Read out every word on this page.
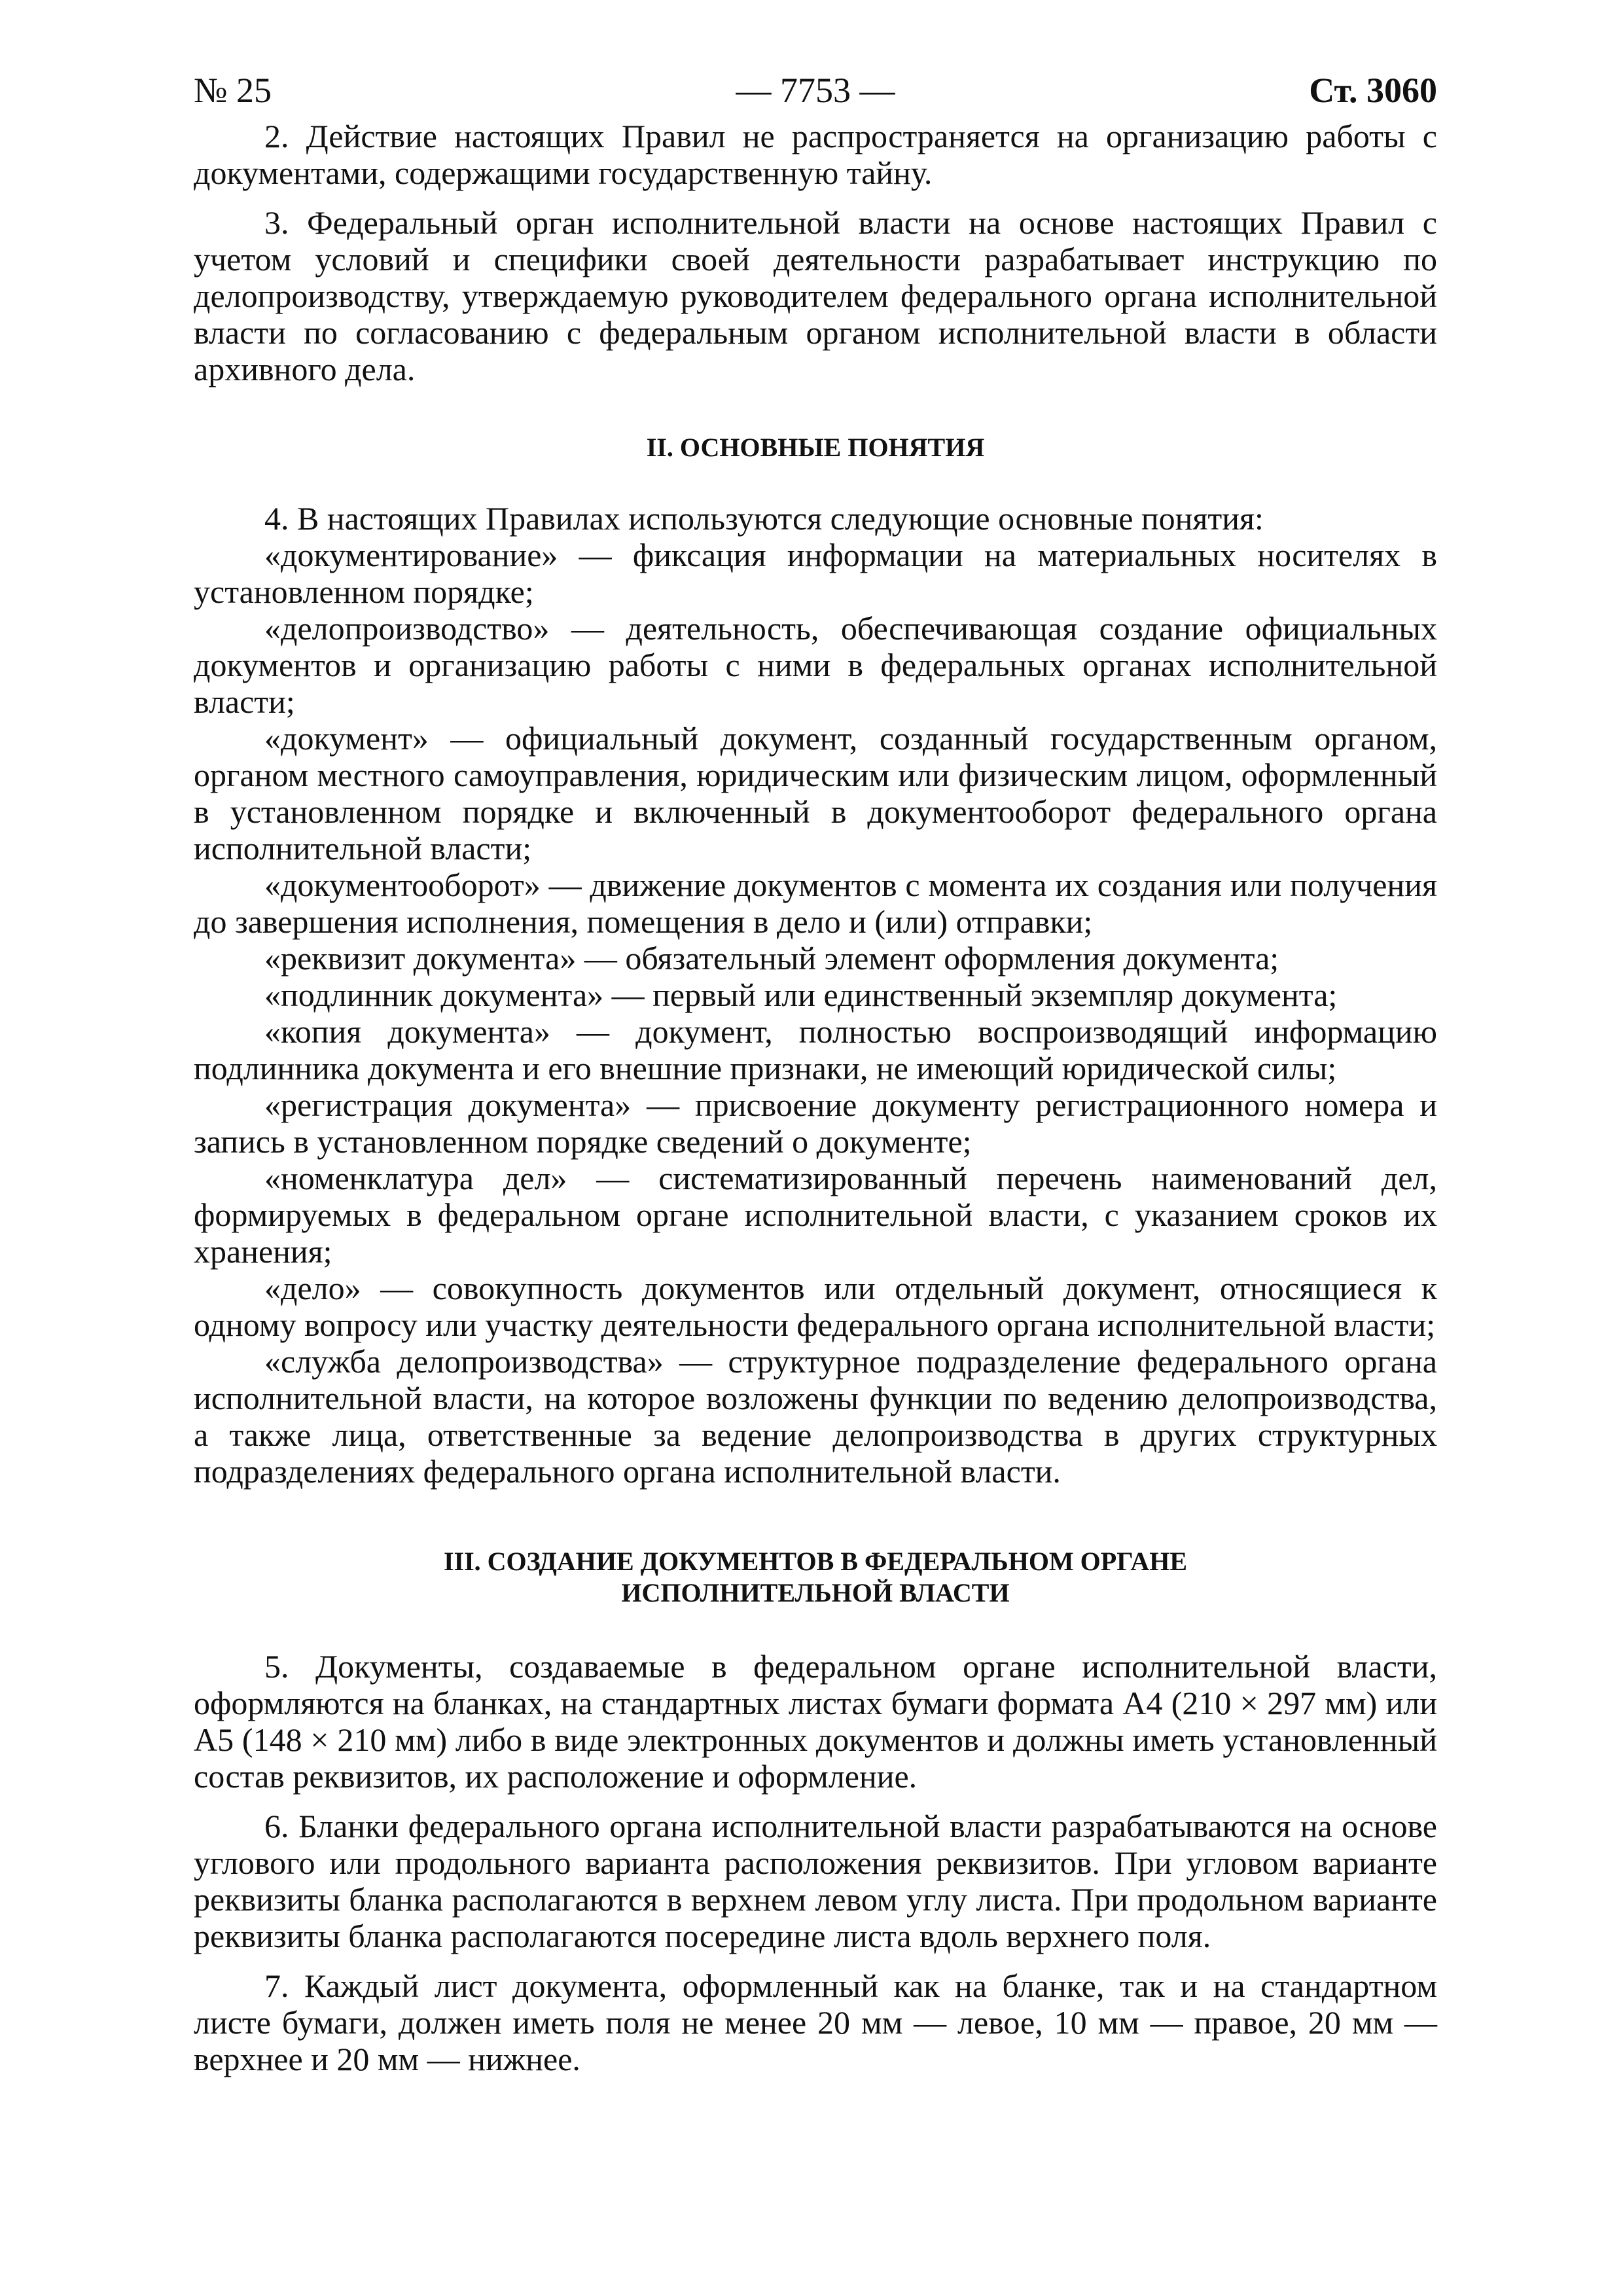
№ 25	— 7753 —	Ст. 3060

2. Действие настоящих Правил не распространяется на организацию работы с документами, содержащими государственную тайну.

3. Федеральный орган исполнительной власти на основе настоящих Правил с учетом условий и специфики своей деятельности разрабатывает инструкцию по делопроизводству, утверждаемую руководителем федерального органа исполнительной власти по согласованию с федеральным органом исполнительной власти в области архивного дела.

II. ОСНОВНЫЕ ПОНЯТИЯ

4. В настоящих Правилах используются следующие основные понятия:

«документирование» — фиксация информации на материальных носителях в установленном порядке;

«делопроизводство» — деятельность, обеспечивающая создание официальных документов и организацию работы с ними в федеральных органах исполнительной власти;

«документ» — официальный документ, созданный государственным органом, органом местного самоуправления, юридическим или физическим лицом, оформленный в установленном порядке и включенный в документооборот федерального органа исполнительной власти;

«документооборот» — движение документов с момента их создания или получения до завершения исполнения, помещения в дело и (или) отправки;

«реквизит документа» — обязательный элемент оформления документа;

«подлинник документа» — первый или единственный экземпляр документа;

«копия документа» — документ, полностью воспроизводящий информацию подлинника документа и его внешние признаки, не имеющий юридической силы;

«регистрация документа» — присвоение документу регистрационного номера и запись в установленном порядке сведений о документе;

«номенклатура дел» — систематизированный перечень наименований дел, формируемых в федеральном органе исполнительной власти, с указанием сроков их хранения;

«дело» — совокупность документов или отдельный документ, относящиеся к одному вопросу или участку деятельности федерального органа исполнительной власти;

«служба делопроизводства» — структурное подразделение федерального органа исполнительной власти, на которое возложены функции по ведению делопроизводства, а также лица, ответственные за ведение делопроизводства в других структурных подразделениях федерального органа исполнительной власти.

III. СОЗДАНИЕ ДОКУМЕНТОВ В ФЕДЕРАЛЬНОМ ОРГАНЕ
ИСПОЛНИТЕЛЬНОЙ ВЛАСТИ

5. Документы, создаваемые в федеральном органе исполнительной власти, оформляются на бланках, на стандартных листах бумаги формата А4 (210 × 297 мм) или А5 (148 × 210 мм) либо в виде электронных документов и должны иметь установленный состав реквизитов, их расположение и оформление.

6. Бланки федерального органа исполнительной власти разрабатываются на основе углового или продольного варианта расположения реквизитов. При угловом варианте реквизиты бланка располагаются в верхнем левом углу листа. При продольном варианте реквизиты бланка располагаются посередине листа вдоль верхнего поля.

7. Каждый лист документа, оформленный как на бланке, так и на стандартном листе бумаги, должен иметь поля не менее 20 мм — левое, 10 мм — правое, 20 мм — верхнее и 20 мм — нижнее.
